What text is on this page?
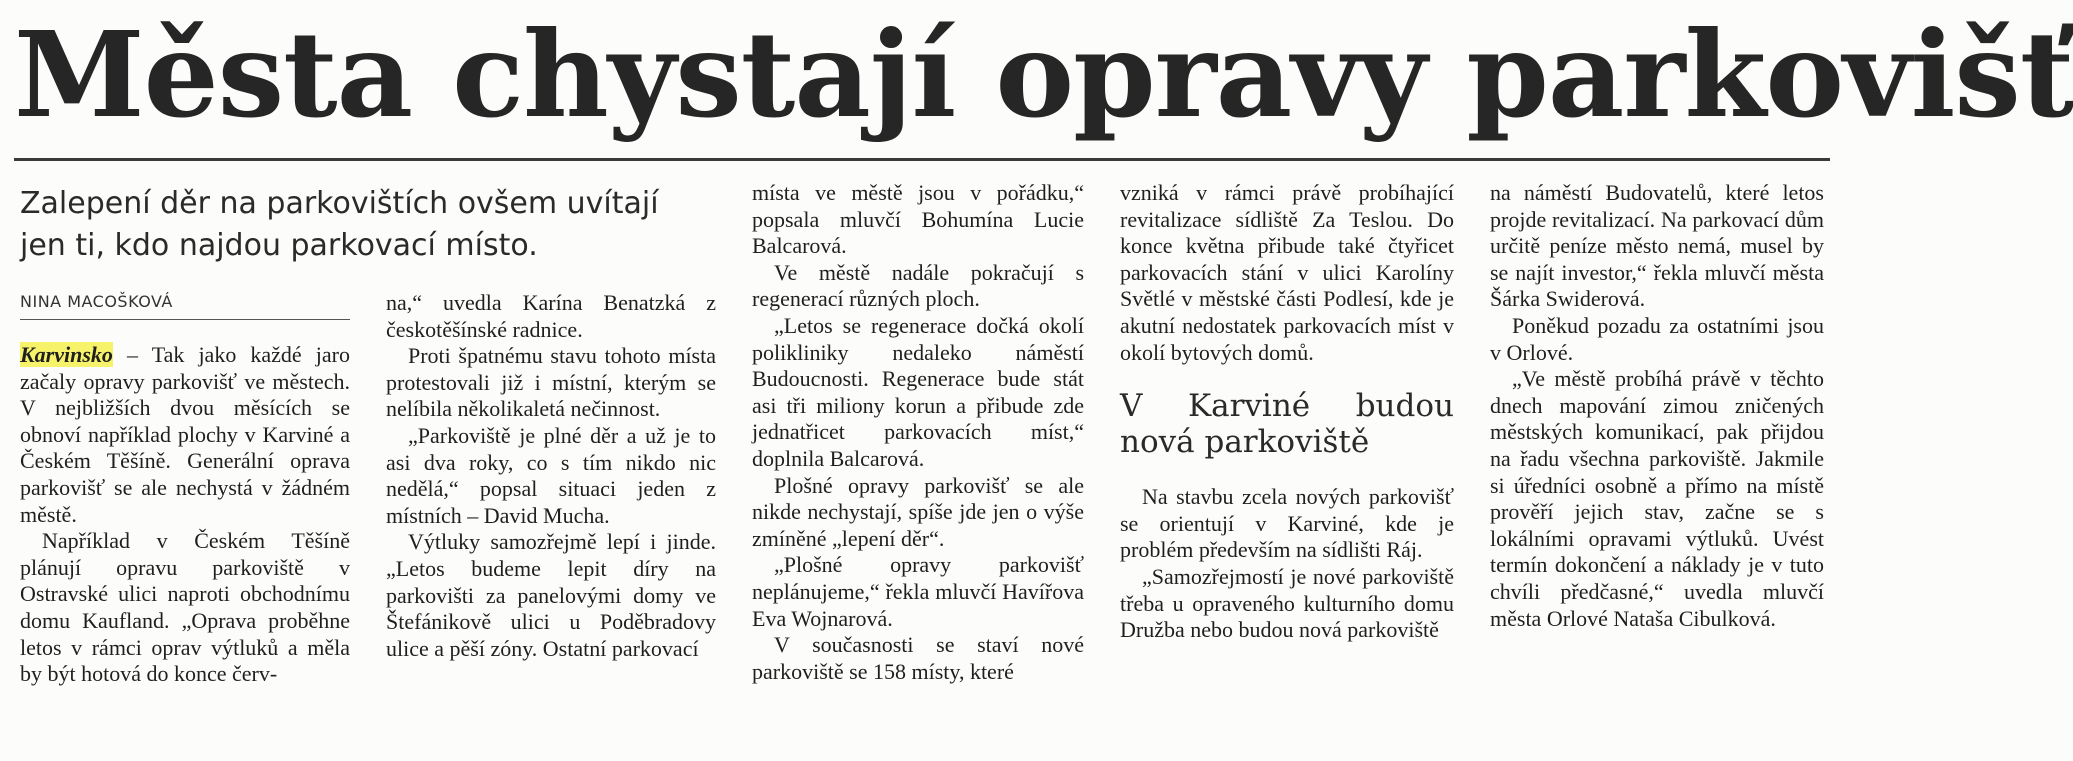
Města chystají opravy parkovišť
Zalepení děr na parkovištích ovšem uvítají jen ti, kdo najdou parkovací místo.
NINA MACOŠKOVÁ

Karvinsko – Tak jako každé jaro začaly opravy parkovišť ve městech. V nejbližších dvou měsících se obnoví například plochy v Karviné a Českém Těšíně. Generální oprava parkovišť se ale nechystá v žádném městě.

Například v Českém Těšíně plánují opravu parkoviště v Ostravské ulici naproti obchodnímu domu Kaufland. „Oprava proběhne letos v rámci oprav výtluků a měla by být hotová do konce červ-

na,“ uvedla Karína Benatzká z českotěšínské radnice.

Proti špatnému stavu tohoto místa protestovali již i místní, kterým se nelíbila několikaletá nečinnost.

„Parkoviště je plné děr a už je to asi dva roky, co s tím nikdo nic nedělá,“ popsal situaci jeden z místních – David Mucha.

Výtluky samozřejmě lepí i jinde. „Letos budeme lepit díry na parkovišti za panelovými domy ve Štefánikově ulici u Poděbradovy ulice a pěší zóny. Ostatní parkovací

místa ve městě jsou v pořádku,“ popsala mluvčí Bohumína Lucie Balcarová.

Ve městě nadále pokračují s regenerací různých ploch.

„Letos se regenerace dočká okolí polikliniky nedaleko náměstí Budoucnosti. Regenerace bude stát asi tři miliony korun a přibude zde jednatřicet parkovacích míst,“ doplnila Balcarová.

Plošné opravy parkovišť se ale nikde nechystají, spíše jde jen o výše zmíněné „lepení děr“.

„Plošné opravy parkovišť neplánujeme,“ řekla mluvčí Havířova Eva Wojnarová.

V současnosti se staví nové parkoviště se 158 místy, které

vzniká v rámci právě probíhající revitalizace sídliště Za Teslou. Do konce května přibude také čtyřicet parkovacích stání v ulici Karolíny Světlé v městské části Podlesí, kde je akutní nedostatek parkovacích míst v okolí bytových domů.

V Karviné budou nová parkoviště

Na stavbu zcela nových parkovišť se orientují v Karviné, kde je problém především na sídlišti Ráj.

„Samozřejmostí je nové parkoviště třeba u opraveného kulturního domu Družba nebo budou nová parkoviště

na náměstí Budovatelů, které letos projde revitalizací. Na parkovací dům určitě peníze město nemá, musel by se najít investor,“ řekla mluvčí města Šárka Swiderová.

Poněkud pozadu za ostatními jsou v Orlové.

„Ve městě probíhá právě v těchto dnech mapování zimou zničených městských komunikací, pak přijdou na řadu všechna parkoviště. Jakmile si úředníci osobně a přímo na místě prověří jejich stav, začne se s lokálními opravami výtluků. Uvést termín dokončení a náklady je v tuto chvíli předčasné,“ uvedla mluvčí města Orlové Nataša Cibulková.
